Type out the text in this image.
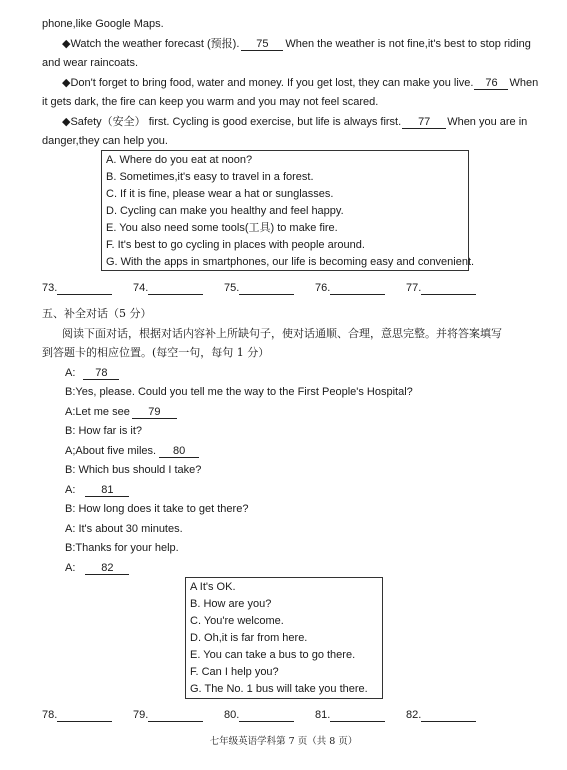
phone,like Google Maps.
◆Watch the weather forecast (预报). 75 When the weather is not fine,it's best to stop riding
and wear raincoats.
◆Don't forget to bring food, water and money. If you get lost, they can make you live. 76 When
it gets dark, the fire can keep you warm and you may not feel scared.
◆Safety（安全） first. Cycling is good exercise, but life is always first. 77 When you are in
danger,they can help you.
A. Where do you eat at noon?
B. Sometimes,it's easy to travel in a forest.
C. If it is fine, please wear a hat or sunglasses.
D. Cycling can make you healthy and feel happy.
E. You also need some tools(工具) to make fire.
F. It's best to go cycling in places with people around.
G. With the apps in smartphones, our life is becoming easy and convenient.
73.	74.	75.	76.	77.
五、补全对话（5 分）
阅读下面对话，根据对话内容补上所缺句子，使对话通顺、合理，意思完整。并将答案填写
到答题卡的相应位置。(每空一句，每句 1 分）
A: 78
B:Yes, please. Could you tell me the way to the First People's Hospital?
A:Let me see 79
B: How far is it?
A;About five miles. 80
B: Which bus should I take?
A: 81
B: How long does it take to get there?
A: It's about 30 minutes.
B:Thanks for your help.
A: 82
A It's OK.
B. How are you?
C. You're welcome.
D. Oh,it is far from here.
E. You can take a bus to go there.
F. Can I help you?
G. The No. 1 bus will take you there.
78.	79.	80.	81.	82.
七年级英语学科第 7 页（共 8 页）
